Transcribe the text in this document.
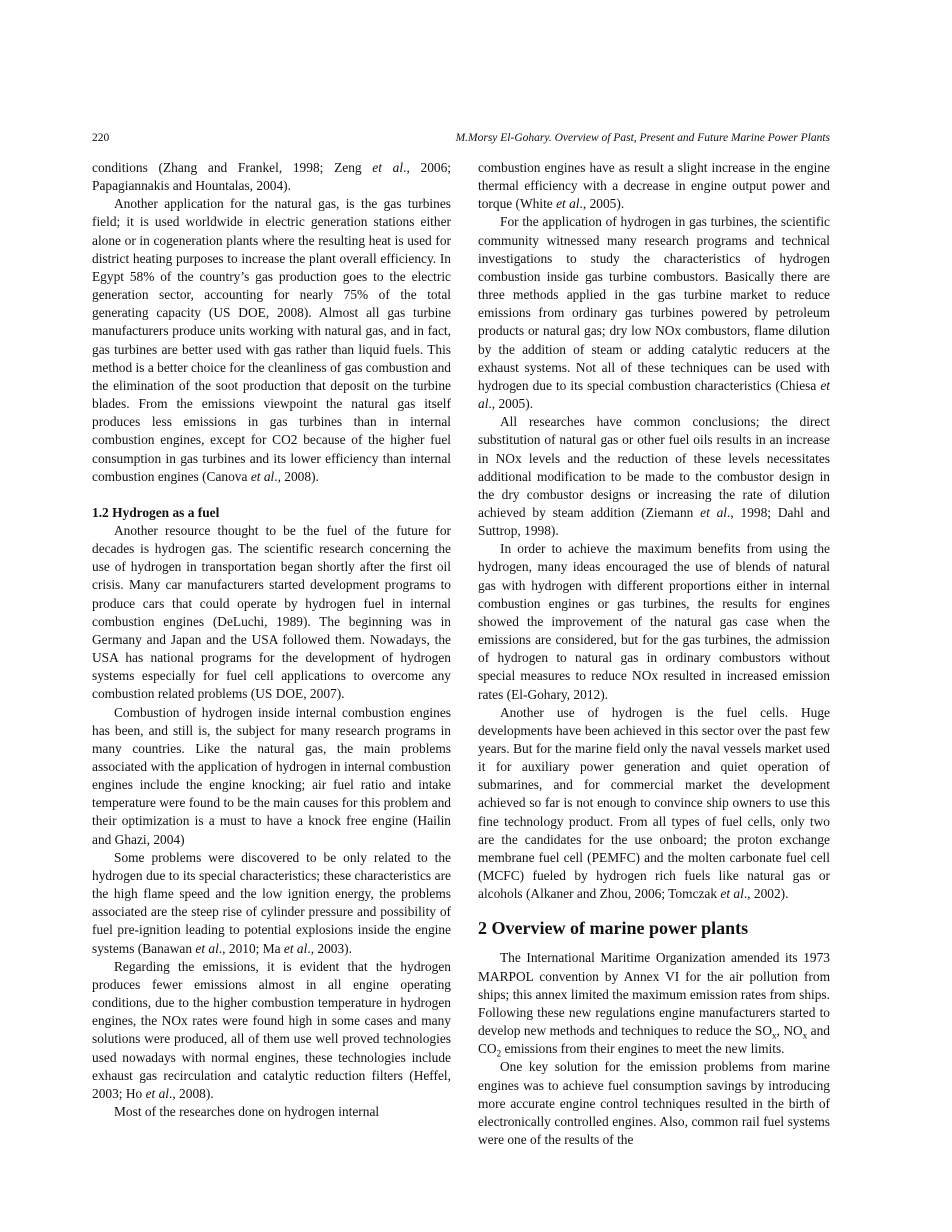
220	M.Morsy El-Gohary. Overview of Past, Present and Future Marine Power Plants

conditions (Zhang and Frankel, 1998; Zeng et al., 2006; Papagiannakis and Hountalas, 2004).

Another application for the natural gas, is the gas turbines field; it is used worldwide in electric generation stations either alone or in cogeneration plants where the resulting heat is used for district heating purposes to increase the plant overall efficiency. In Egypt 58% of the country’s gas production goes to the electric generation sector, accounting for nearly 75% of the total generating capacity (US DOE, 2008). Almost all gas turbine manufacturers produce units working with natural gas, and in fact, gas turbines are better used with gas rather than liquid fuels. This method is a better choice for the cleanliness of gas combustion and the elimination of the soot production that deposit on the turbine blades. From the emissions viewpoint the natural gas itself produces less emissions in gas turbines than in internal combustion engines, except for CO2 because of the higher fuel consumption in gas turbines and its lower efficiency than internal combustion engines (Canova et al., 2008).

1.2 Hydrogen as a fuel

Another resource thought to be the fuel of the future for decades is hydrogen gas. The scientific research concerning the use of hydrogen in transportation began shortly after the first oil crisis. Many car manufacturers started development programs to produce cars that could operate by hydrogen fuel in internal combustion engines (DeLuchi, 1989). The beginning was in Germany and Japan and the USA followed them. Nowadays, the USA has national programs for the development of hydrogen systems especially for fuel cell applications to overcome any combustion related problems (US DOE, 2007).

Combustion of hydrogen inside internal combustion engines has been, and still is, the subject for many research programs in many countries. Like the natural gas, the main problems associated with the application of hydrogen in internal combustion engines include the engine knocking; air fuel ratio and intake temperature were found to be the main causes for this problem and their optimization is a must to have a knock free engine (Hailin and Ghazi, 2004)

Some problems were discovered to be only related to the hydrogen due to its special characteristics; these characteristics are the high flame speed and the low ignition energy, the problems associated are the steep rise of cylinder pressure and possibility of fuel pre-ignition leading to potential explosions inside the engine systems (Banawan et al., 2010; Ma et al., 2003).

Regarding the emissions, it is evident that the hydrogen produces fewer emissions almost in all engine operating conditions, due to the higher combustion temperature in hydrogen engines, the NOx rates were found high in some cases and many solutions were produced, all of them use well proved technologies used nowadays with normal engines, these technologies include exhaust gas recirculation and catalytic reduction filters (Heffel, 2003; Ho et al., 2008).

Most of the researches done on hydrogen internal

combustion engines have as result a slight increase in the engine thermal efficiency with a decrease in engine output power and torque (White et al., 2005).

For the application of hydrogen in gas turbines, the scientific community witnessed many research programs and technical investigations to study the characteristics of hydrogen combustion inside gas turbine combustors. Basically there are three methods applied in the gas turbine market to reduce emissions from ordinary gas turbines powered by petroleum products or natural gas; dry low NOx combustors, flame dilution by the addition of steam or adding catalytic reducers at the exhaust systems. Not all of these techniques can be used with hydrogen due to its special combustion characteristics (Chiesa et al., 2005).

All researches have common conclusions; the direct substitution of natural gas or other fuel oils results in an increase in NOx levels and the reduction of these levels necessitates additional modification to be made to the combustor design in the dry combustor designs or increasing the rate of dilution achieved by steam addition (Ziemann et al., 1998; Dahl and Suttrop, 1998).

In order to achieve the maximum benefits from using the hydrogen, many ideas encouraged the use of blends of natural gas with hydrogen with different proportions either in internal combustion engines or gas turbines, the results for engines showed the improvement of the natural gas case when the emissions are considered, but for the gas turbines, the admission of hydrogen to natural gas in ordinary combustors without special measures to reduce NOx resulted in increased emission rates (El-Gohary, 2012).

Another use of hydrogen is the fuel cells. Huge developments have been achieved in this sector over the past few years. But for the marine field only the naval vessels market used it for auxiliary power generation and quiet operation of submarines, and for commercial market the development achieved so far is not enough to convince ship owners to use this fine technology product. From all types of fuel cells, only two are the candidates for the use onboard; the proton exchange membrane fuel cell (PEMFC) and the molten carbonate fuel cell (MCFC) fueled by hydrogen rich fuels like natural gas or alcohols (Alkaner and Zhou, 2006; Tomczak et al., 2002).

2 Overview of marine power plants

The International Maritime Organization amended its 1973 MARPOL convention by Annex VI for the air pollution from ships; this annex limited the maximum emission rates from ships. Following these new regulations engine manufacturers started to develop new methods and techniques to reduce the $SO_x$, $NO_x$ and $CO_2$ emissions from their engines to meet the new limits.

One key solution for the emission problems from marine engines was to achieve fuel consumption savings by introducing more accurate engine control techniques resulted in the birth of electronically controlled engines. Also, common rail fuel systems were one of the results of the
